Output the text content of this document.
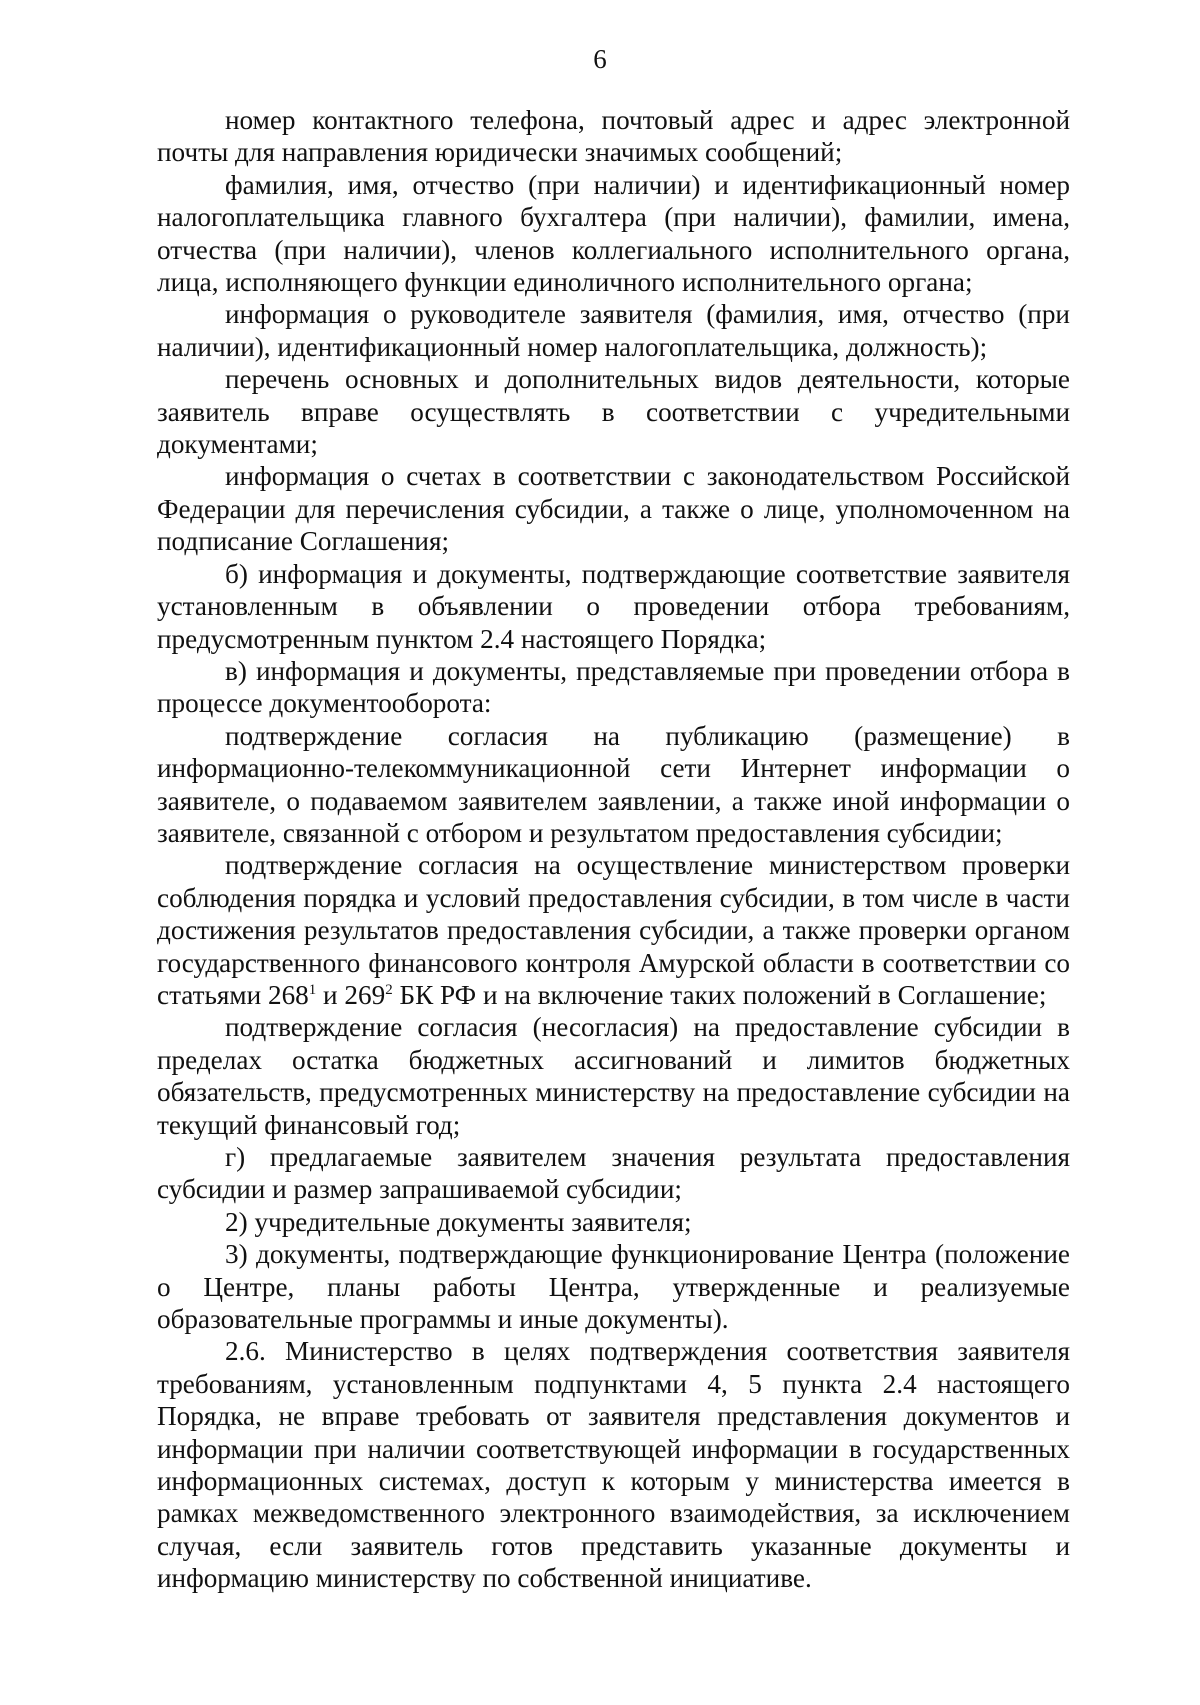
6

номер контактного телефона, почтовый адрес и адрес электронной почты для направления юридически значимых сообщений;

фамилия, имя, отчество (при наличии) и идентификационный номер налогоплательщика главного бухгалтера (при наличии), фамилии, имена, отчества (при наличии), членов коллегиального исполнительного органа, лица, исполняющего функции единоличного исполнительного органа;

информация о руководителе заявителя (фамилия, имя, отчество (при наличии), идентификационный номер налогоплательщика, должность);

перечень основных и дополнительных видов деятельности, которые заявитель вправе осуществлять в соответствии с учредительными документами;

информация о счетах в соответствии с законодательством Российской Федерации для перечисления субсидии, а также о лице, уполномоченном на подписание Соглашения;

б) информация и документы, подтверждающие соответствие заявителя установленным в объявлении о проведении отбора требованиям, предусмотренным пунктом 2.4 настоящего Порядка;

в) информация и документы, представляемые при проведении отбора в процессе документооборота:

подтверждение согласия на публикацию (размещение) в информационно-телекоммуникационной сети Интернет информации о заявителе, о подаваемом заявителем заявлении, а также иной информации о заявителе, связанной с отбором и результатом предоставления субсидии;

подтверждение согласия на осуществление министерством проверки соблюдения порядка и условий предоставления субсидии, в том числе в части достижения результатов предоставления субсидии, а также проверки органом государственного финансового контроля Амурской области в соответствии со статьями $268^1$ и $269^2$ БК РФ и на включение таких положений в Соглашение;

подтверждение согласия (несогласия) на предоставление субсидии в пределах остатка бюджетных ассигнований и лимитов бюджетных обязательств, предусмотренных министерству на предоставление субсидии на текущий финансовый год;

г) предлагаемые заявителем значения результата предоставления субсидии и размер запрашиваемой субсидии;

2) учредительные документы заявителя;

3) документы, подтверждающие функционирование Центра (положение о Центре, планы работы Центра, утвержденные и реализуемые образовательные программы и иные документы).

2.6. Министерство в целях подтверждения соответствия заявителя требованиям, установленным подпунктами 4, 5 пункта 2.4 настоящего Порядка, не вправе требовать от заявителя представления документов и информации при наличии соответствующей информации в государственных информационных системах, доступ к которым у министерства имеется в рамках межведомственного электронного взаимодействия, за исключением случая, если заявитель готов представить указанные документы и информацию министерству по собственной инициативе.
